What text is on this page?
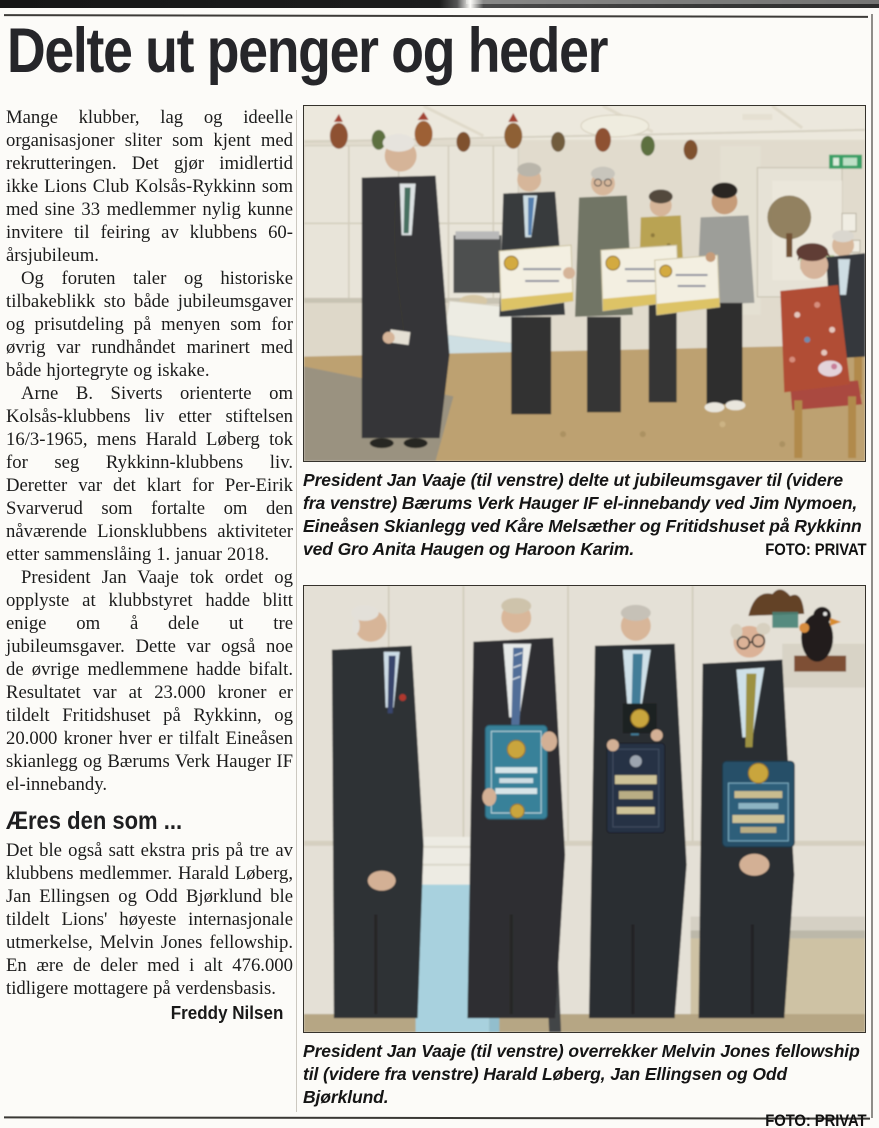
Delte ut penger og heder

Mange klubber, lag og ideelle organisasjoner sliter som kjent med rekrutteringen. Det gjør imidlertid ikke Lions Club Kolsås-Rykkinn som med sine 33 medlemmer nylig kunne invitere til feiring av klubbens 60-årsjubileum.

Og foruten taler og historiske tilbakeblikk sto både jubileumsgaver og prisutdeling på menyen som for øvrig var rundhåndet marinert med både hjortegryte og iskake.

Arne B. Siverts orienterte om Kolsås-klubbens liv etter stiftelsen 16/3-1965, mens Harald Løberg tok for seg Rykkinn-klubbens liv. Deretter var det klart for Per-Eirik Svarverud som fortalte om den nåværende Lionsklubbens aktiviteter etter sammenslåing 1. januar 2018.

President Jan Vaaje tok ordet og opplyste at klubbstyret hadde blitt enige om å dele ut tre jubileumsgaver. Dette var også noe de øvrige medlemmene hadde bifalt. Resultatet var at 23.000 kroner er tildelt Fritidshuset på Rykkinn, og 20.000 kroner hver er tilfalt Eineåsen skianlegg og Bærums Verk Hauger IF el-innebandy.

Æres den som ...

Det ble også satt ekstra pris på tre av klubbens medlemmer. Harald Løberg, Jan Ellingsen og Odd Bjørklund ble tildelt Lions' høyeste internasjonale utmerkelse, Melvin Jones fellowship. En ære de deler med i alt 476.000 tidligere mottagere på verdensbasis.

Freddy Nilsen
President Jan Vaaje (til venstre) delte ut jubileumsgaver til (videre fra venstre) Bærums Verk Hauger IF el-innebandy ved Jim Nymoen, Eineåsen Skianlegg ved Kåre Melsæther og Fritidshuset på Rykkinn ved Gro Anita Haugen og Haroon Karim.	FOTO: PRIVAT
President Jan Vaaje (til venstre) overrekker Melvin Jones fellowship til (videre fra venstre) Harald Løberg, Jan Ellingsen og Odd Bjørklund.
FOTO: PRIVAT
